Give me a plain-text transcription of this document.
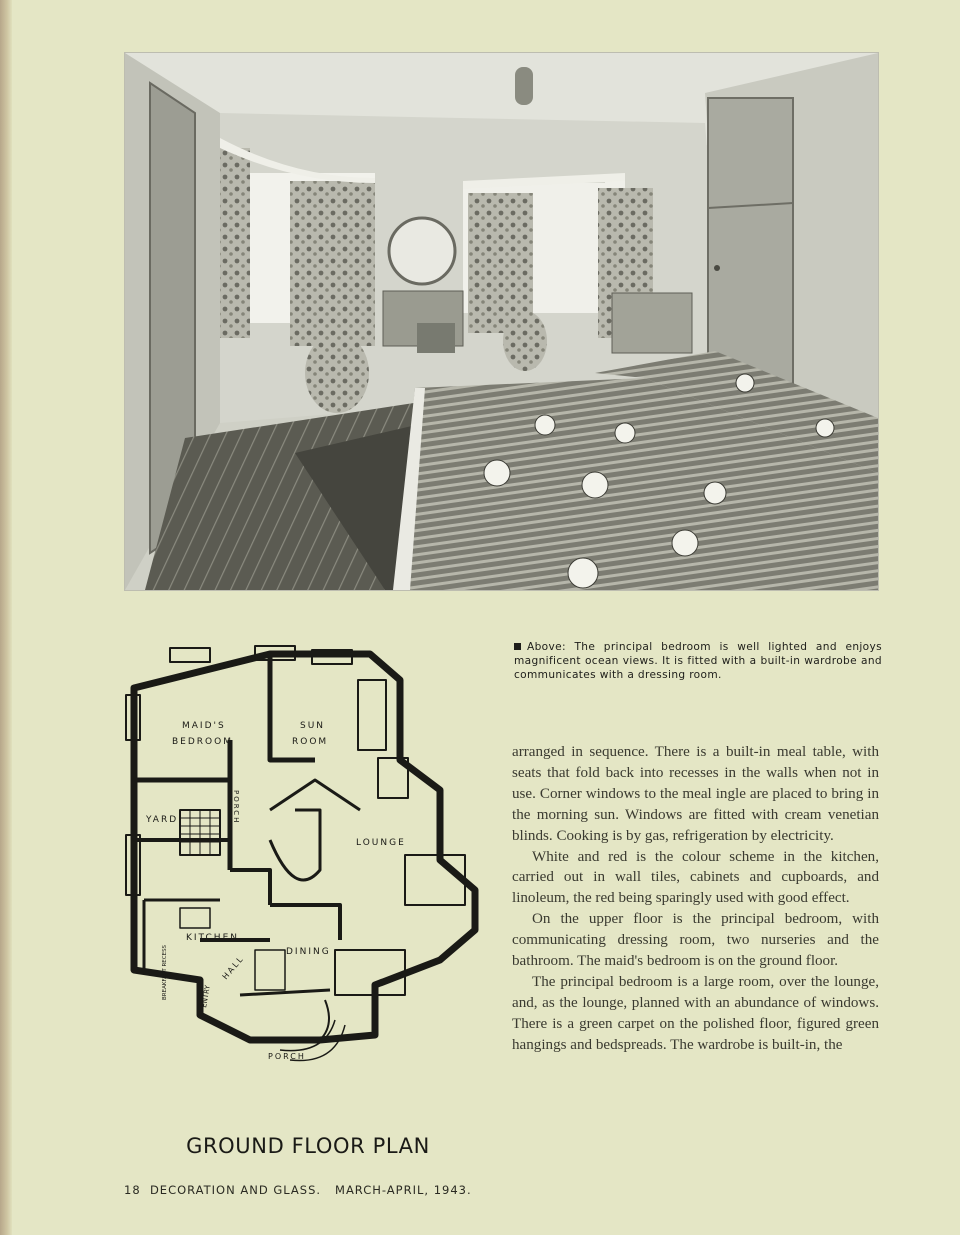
Above: The principal bedroom is well lighted and enjoys magnificent ocean views. It is fitted with a built-in wardrobe and communicates with a dressing room.

arranged in sequence. There is a built-in meal table, with seats that fold back into recesses in the walls when not in use. Corner windows to the meal ingle are placed to bring in the morning sun. Windows are fitted with cream venetian blinds. Cooking is by gas, refrigeration by electricity.

White and red is the colour scheme in the kitchen, carried out in wall tiles, cabinets and cupboards, and linoleum, the red being sparingly used with good effect.

On the upper floor is the principal bedroom, with communicating dressing room, two nurseries and the bathroom. The maid's bedroom is on the ground floor.

The principal bedroom is a large room, over the lounge, and, as the lounge, planned with an abundance of windows. There is a green carpet on the polished floor, figured green hangings and bedspreads. The wardrobe is built-in, the

MAID'S
BEDROOM
SUN
ROOM
YARD
LOUNGE
KITCHEN
DINING
HALL
PORCH
PORCH
ENTRY
BREAKFAST RECESS
GROUND FLOOR PLAN
18  DECORATION AND GLASS.   MARCH-APRIL, 1943.
